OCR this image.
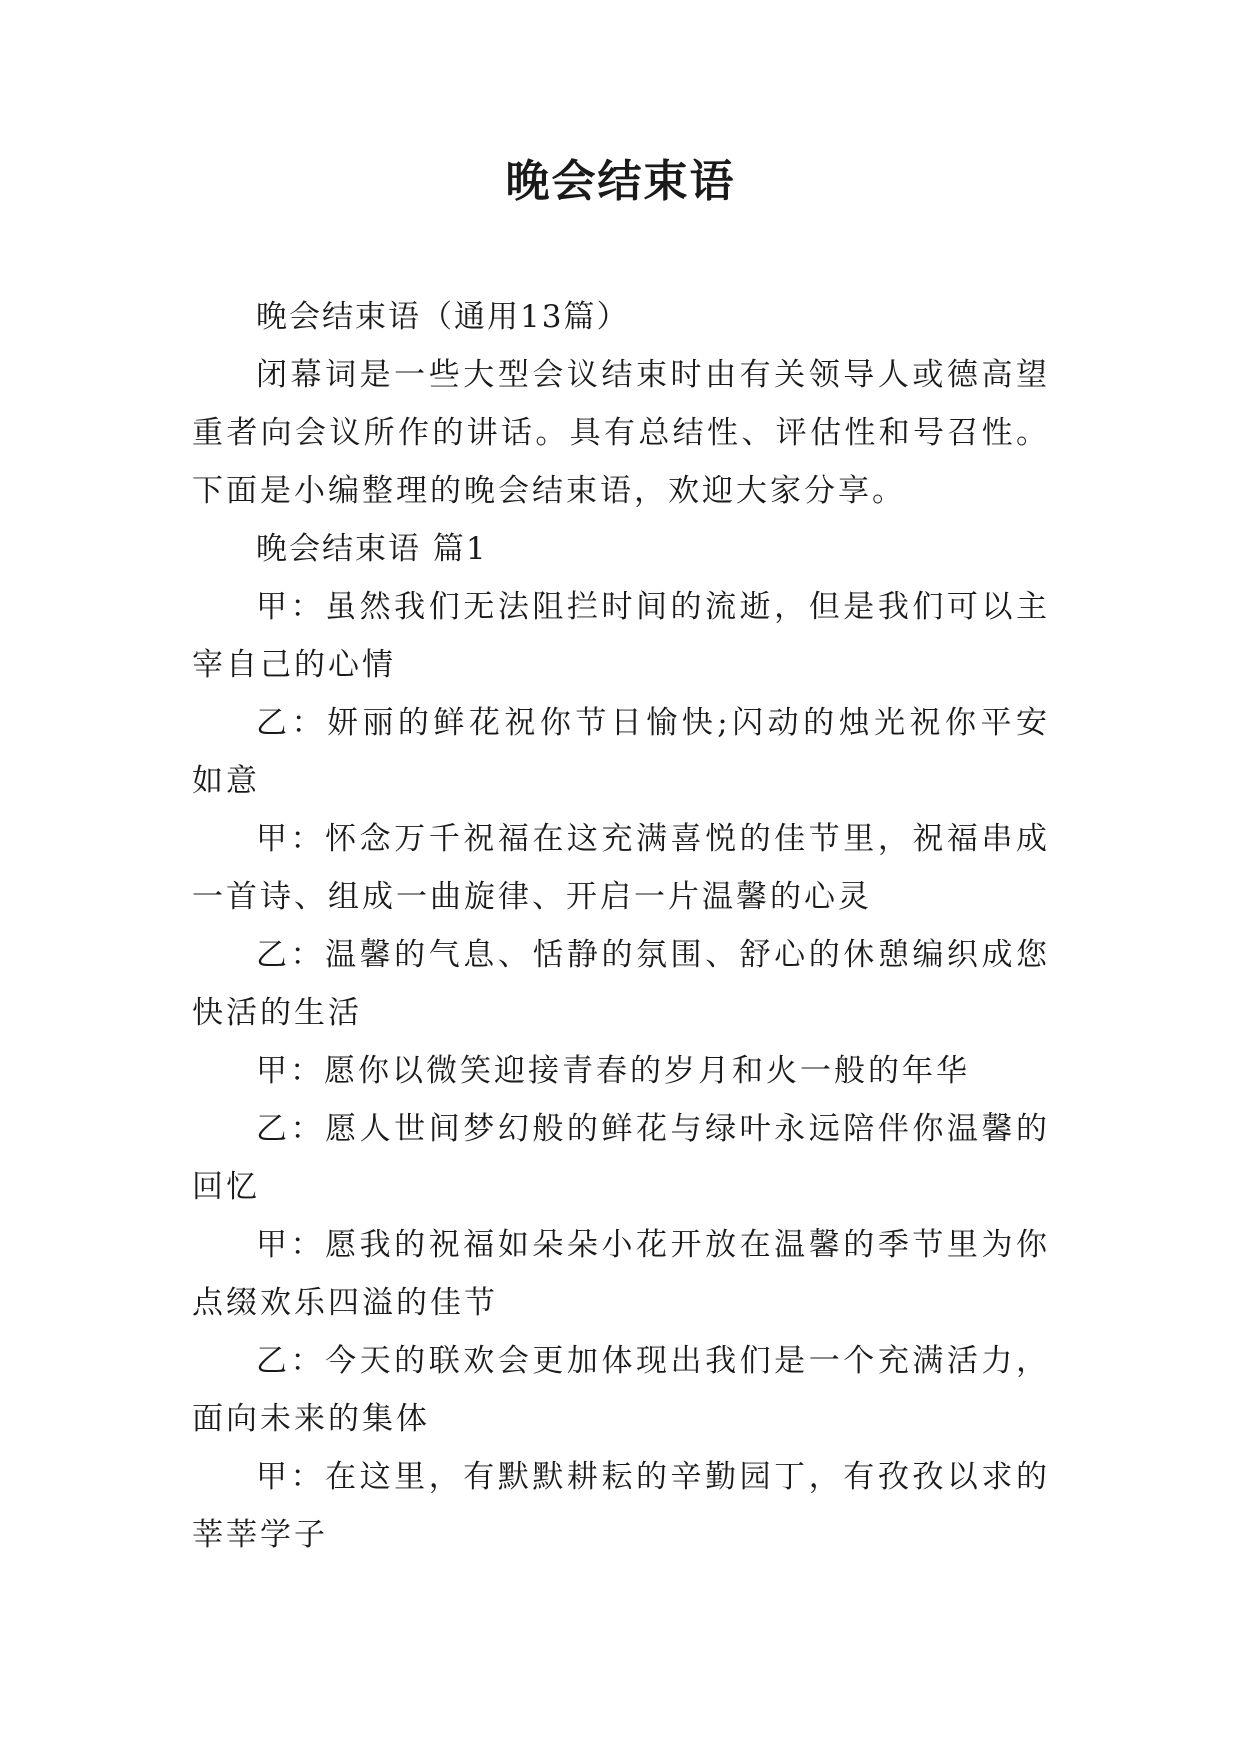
晚会结束语

晚会结束语（通用13篇）

闭幕词是一些大型会议结束时由有关领导人或德高望重者向会议所作的讲话。具有总结性、评估性和号召性。下面是小编整理的晚会结束语，欢迎大家分享。

晚会结束语 篇1

甲：虽然我们无法阻拦时间的流逝，但是我们可以主宰自己的心情

乙：妍丽的鲜花祝你节日愉快;闪动的烛光祝你平安如意

甲：怀念万千祝福在这充满喜悦的佳节里，祝福串成一首诗、组成一曲旋律、开启一片温馨的心灵

乙：温馨的气息、恬静的氛围、舒心的休憩编织成您快活的生活

甲：愿你以微笑迎接青春的岁月和火一般的年华

乙：愿人世间梦幻般的鲜花与绿叶永远陪伴你温馨的回忆

甲：愿我的祝福如朵朵小花开放在温馨的季节里为你点缀欢乐四溢的佳节

乙：今天的联欢会更加体现出我们是一个充满活力，面向未来的集体

甲：在这里，有默默耕耘的辛勤园丁，有孜孜以求的莘莘学子
